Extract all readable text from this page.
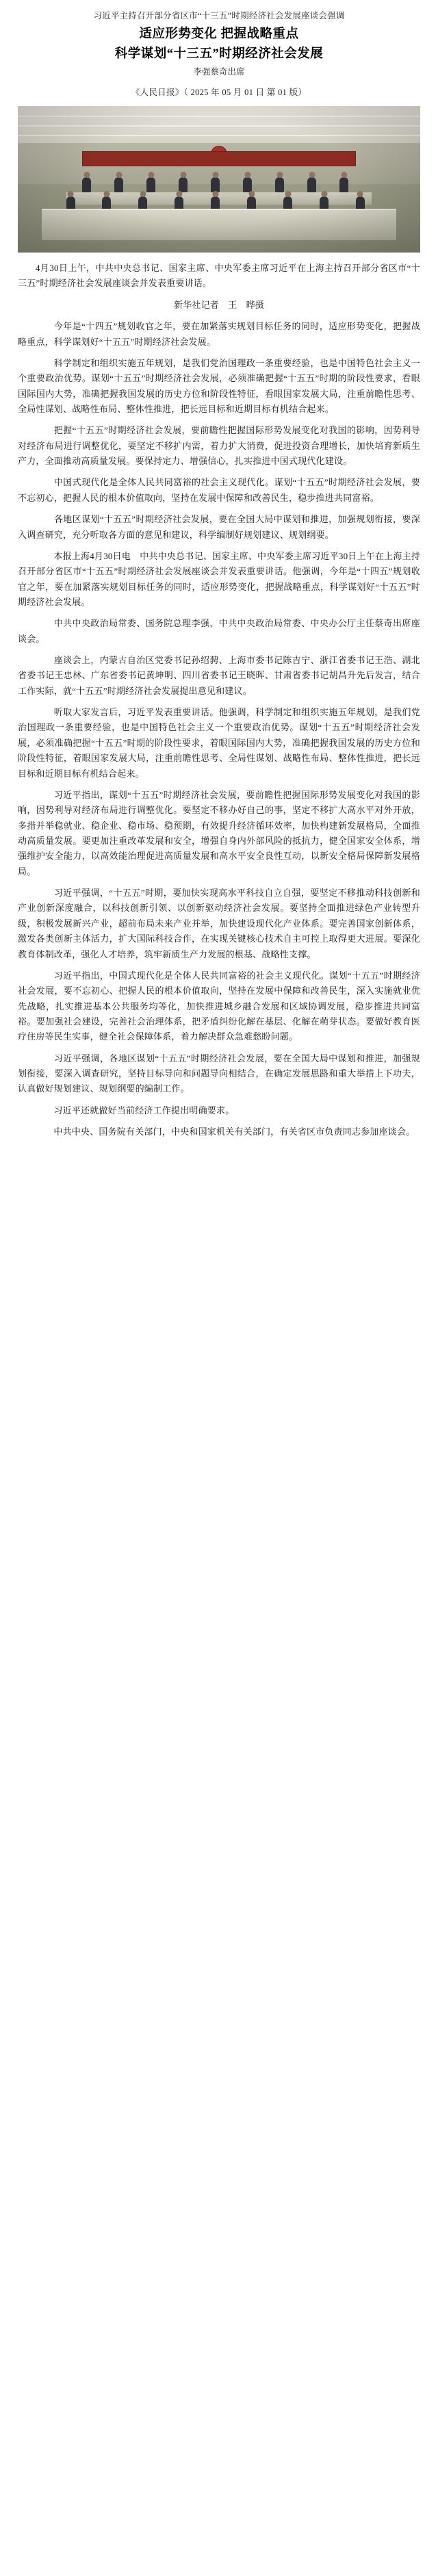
习近平主持召开部分省区市“十三五”时期经济社会发展座谈会强调
适应形势变化 把握战略重点
科学谋划“十三五”时期经济社会发展
李强蔡奇出席
《人民日报》（ 2025 年 05 月 01 日 第 01 版）

4月30日上午，中共中央总书记、国家主席、中央军委主席习近平在上海主持召开部分省区市“十三五”时期经济社会发展座谈会并发表重要讲话。

新华社记者　王　晔摄

　　今年是“十四五”规划收官之年，要在加紧落实规划目标任务的同时，适应形势变化，把握战略重点，科学谋划好“十五五”时期经济社会发展。

　　科学制定和组织实施五年规划，是我们党治国理政一条重要经验，也是中国特色社会主义一个重要政治优势。谋划“十五五”时期经济社会发展，必须准确把握“十五五”时期的阶段性要求，看眼国际国内大势，准确把握我国发展的历史方位和阶段性特征，看眼国家发展大局，注重前瞻性思考、全局性谋划、战略性布局、整体性推进，把长远目标和近期目标有机结合起来。

　　把握“十五五”时期经济社会发展，要前瞻性把握国际形势发展变化对我国的影响，因势利导对经济布局进行调整优化，要坚定不移扩内需，着力扩大消费，促进投资合理增长，加快培育新质生产力，全面推动高质量发展。要保持定力、增强信心，扎实推进中国式现代化建设。

　　中国式现代化是全体人民共同富裕的社会主义现代化。谋划“十五五”时期经济社会发展，要不忘初心，把握人民的根本价值取向，坚持在发展中保障和改善民生，稳步推进共同富裕。

　　各地区谋划“十五五”时期经济社会发展，要在全国大局中谋划和推进，加强规划衔接，要深入调查研究，充分听取各方面的意见和建议，科学编制好规划建议、规划纲要。

　　本报上海4月30日电　中共中央总书记、国家主席、中央军委主席习近平30日上午在上海主持召开部分省区市“十五五”时期经济社会发展座谈会并发表重要讲话。他强调，今年是“十四五”规划收官之年，要在加紧落实规划目标任务的同时，适应形势变化，把握战略重点，科学谋划好“十五五”时期经济社会发展。

　　中共中央政治局常委、国务院总理李强，中共中央政治局常委、中央办公厅主任蔡奇出席座谈会。

　　座谈会上，内蒙古自治区党委书记孙绍骋、上海市委书记陈吉宁、浙江省委书记王浩、湖北省委书记王忠林、广东省委书记黄坤明、四川省委书记王晓晖、甘肃省委书记胡昌升先后发言，结合工作实际，就“十五五”时期经济社会发展提出意见和建议。

　　听取大家发言后，习近平发表重要讲话。他强调，科学制定和组织实施五年规划，是我们党治国理政一条重要经验，也是中国特色社会主义一个重要政治优势。谋划“十五五”时期经济社会发展，必须准确把握“十五五”时期的阶段性要求，着眼国际国内大势，准确把握我国发展的历史方位和阶段性特征，着眼国家发展大局，注重前瞻性思考、全局性谋划、战略性布局、整体性推进，把长远目标和近期目标有机结合起来。

　　习近平指出，谋划“十五五”时期经济社会发展，要前瞻性把握国际形势发展变化对我国的影响，因势利导对经济布局进行调整优化。要坚定不移办好自己的事，坚定不移扩大高水平对外开放，多措并举稳就业、稳企业、稳市场、稳预期，有效提升经济循环效率，加快构建新发展格局，全面推动高质量发展。要更加注重改革发展和安全，增强自身内外部风险的抵抗力，健全国家安全体系，增强维护安全能力，以高效能治理促进高质量发展和高水平安全良性互动，以新安全格局保障新发展格局。

　　习近平强调，“十五五”时期，要加快实现高水平科技自立自强，要坚定不移推动科技创新和产业创新深度融合，以科技创新引领、以创新驱动经济社会发展。要坚持全面推进绿色产业转型升级，积极发展新兴产业，超前布局未来产业并举，加快建设现代化产业体系。要完善国家创新体系，激发各类创新主体活力，扩大国际科技合作，在实现关键核心技术自主可控上取得更大进展。要深化教育体制改革，强化人才培养，筑牢新质生产力发展的根基、战略性支撑。

　　习近平指出，中国式现代化是全体人民共同富裕的社会主义现代化。谋划“十五五”时期经济社会发展，要不忘初心、把握人民的根本价值取向，坚持在发展中保障和改善民生，深入实施就业优先战略，扎实推进基本公共服务均等化，加快推进城乡融合发展和区域协调发展，稳步推进共同富裕。要加强社会建设，完善社会治理体系，把矛盾纠纷化解在基层、化解在萌芽状态。要做好教育医疗住房等民生实事，健全社会保障体系，着力解决群众急难愁盼问题。

　　习近平强调，各地区谋划“十五五”时期经济社会发展，要在全国大局中谋划和推进，加强规划衔接，要深入调查研究，坚持目标导向和问题导向相结合，在确定发展思路和重大举措上下功夫，认真做好规划建议、规划纲要的编制工作。

　　习近平还就做好当前经济工作提出明确要求。

　　中共中央、国务院有关部门，中央和国家机关有关部门，有关省区市负责同志参加座谈会。
